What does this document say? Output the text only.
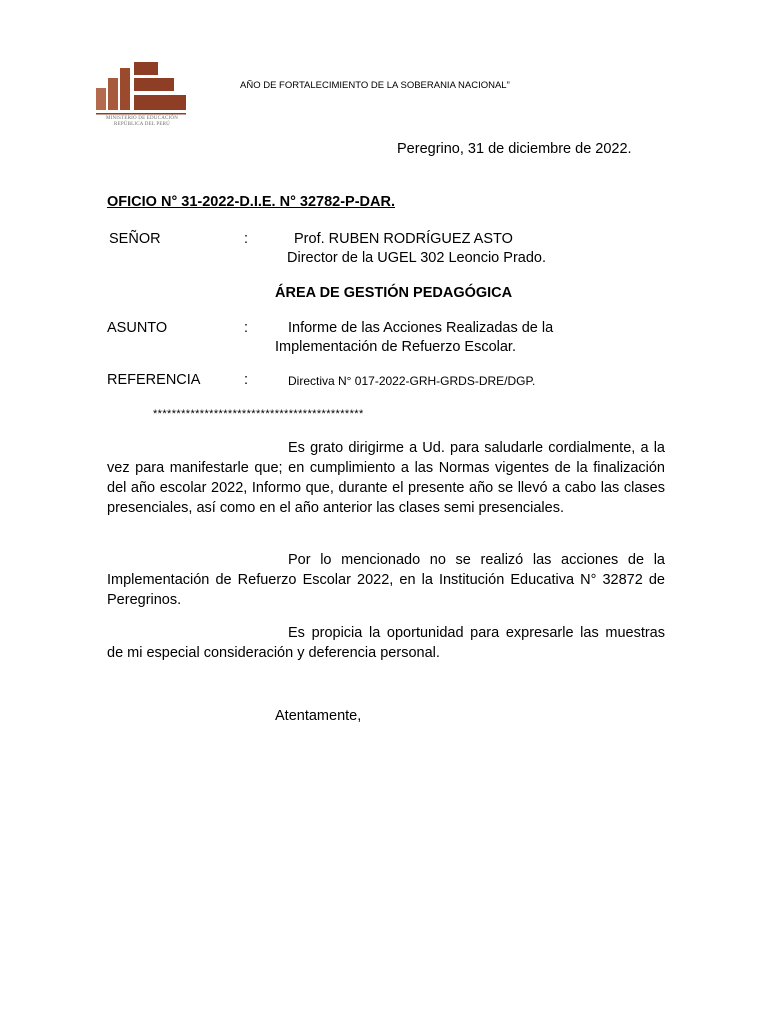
MINISTERIO DE EDUCACIÓN
REPÚBLICA DEL PERÚ
AÑO DE FORTALECIMIENTO DE LA SOBERANIA NACIONAL”
Peregrino, 31 de diciembre de 2022.
OFICIO N° 31-2022-D.I.E. N° 32782-P-DAR.
SEÑOR	:	Prof. RUBEN RODRÍGUEZ ASTO
Director de la UGEL 302 Leoncio Prado.
ÁREA DE GESTIÓN PEDAGÓGICA
ASUNTO	:	Informe de las Acciones Realizadas de la
Implementación de Refuerzo Escolar.
REFERENCIA	:	Directiva N° 017-2022-GRH-GRDS-DRE/DGP.
*********************************************
Es grato dirigirme a Ud. para saludarle cordialmente, a la vez para manifestarle que; en cumplimiento a las Normas vigentes de la finalización del año escolar 2022, Informo que, durante el presente año se llevó a cabo las clases presenciales, así como en el año anterior las clases semi presenciales.
Por lo mencionado no se realizó las acciones de la Implementación de Refuerzo Escolar 2022, en la Institución Educativa N° 32872 de Peregrinos.
Es propicia la oportunidad para expresarle las muestras de mi especial consideración y deferencia personal.
Atentamente,
